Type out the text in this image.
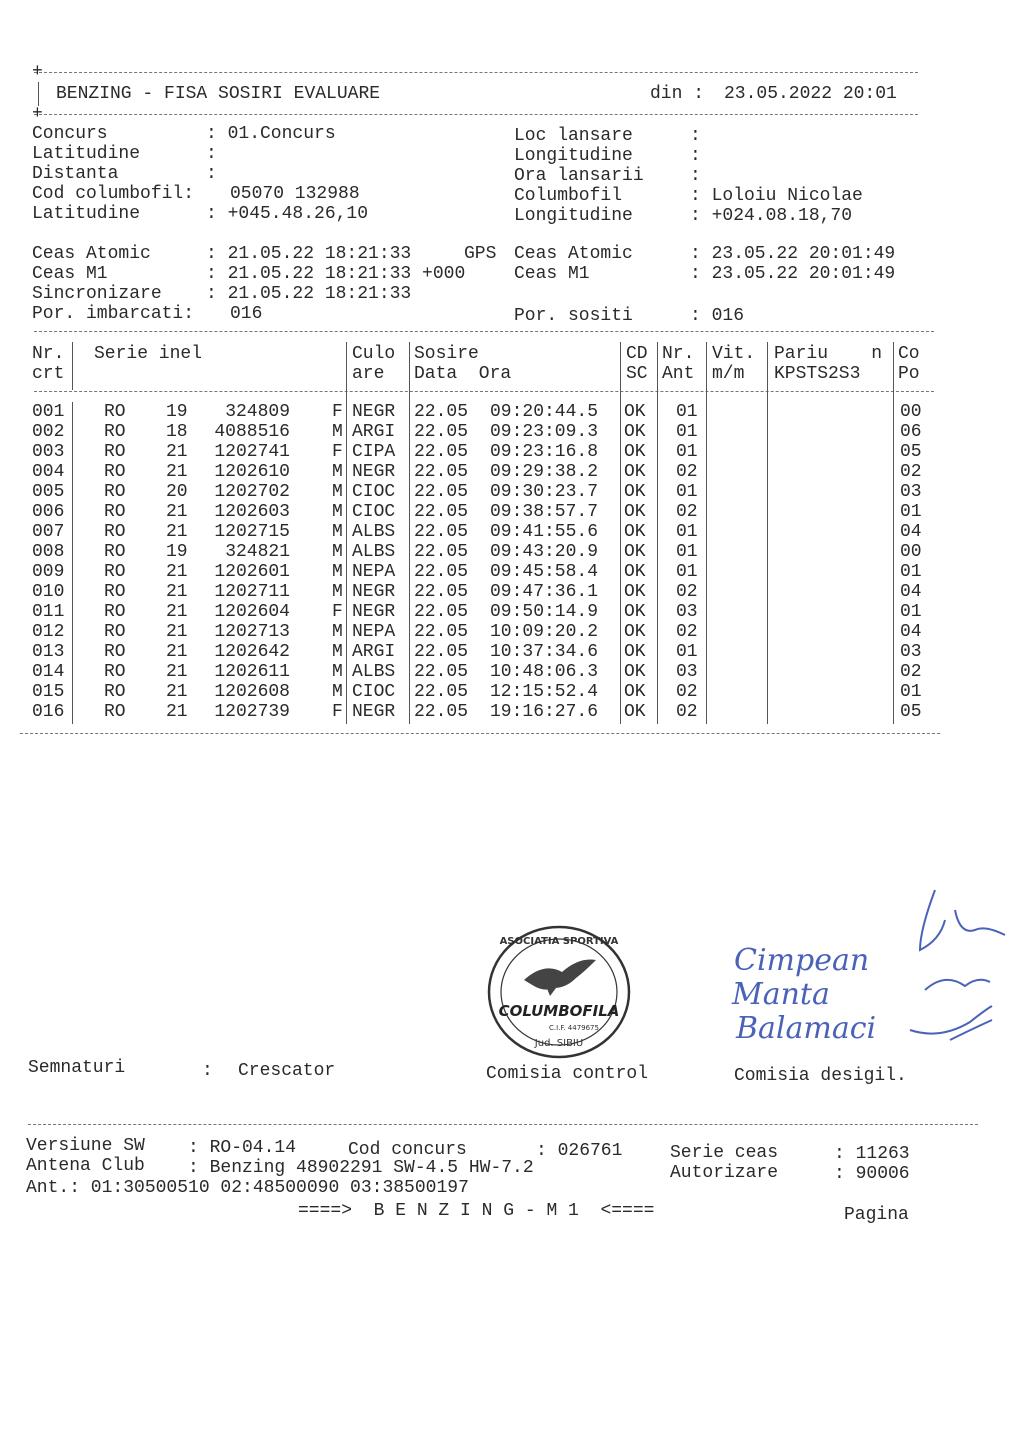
+
BENZING - FISA SOSIRI EVALUARE	din : 23.05.2022 20:01
+
Concurs	: 01.Concurs
Latitudine	:
Distanta	:
Cod columbofil: 05070 132988
Latitudine	: +045.48.26,10
Loc lansare	:
Longitudine	:
Ora lansarii	:
Columbofil	: Loloiu Nicolae
Longitudine	: +024.08.18,70
Ceas Atomic	: 21.05.22 18:21:33	GPS Ceas Atomic	: 23.05.22 20:01:49
Ceas M1	: 21.05.22 18:21:33 +000	Ceas M1	: 23.05.22 20:01:49
Sincronizare : 21.05.22 18:21:33
Por. imbarcati: 016	Por. sositi	: 016
Nr. Serie inel	Culo Sosire	CD Nr. Vit. Pariu    n Co
crt	are Data  Ora	SC Ant m/m KPSTS2S3 Po
001 RO 19	324809 F NEGR 22.05 09:20:44.5 OK 01	00
002 RO 18	4088516 M ARGI 22.05 09:23:09.3 OK 01	06
003 RO 21	1202741 F CIPA 22.05 09:23:16.8 OK 01	05
004 RO 21	1202610 M NEGR 22.05 09:29:38.2 OK 02	02
005 RO 20	1202702 M CIOC 22.05 09:30:23.7 OK 01	03
006 RO 21	1202603 M CIOC 22.05 09:38:57.7 OK 02	01
007 RO 21	1202715 M ALBS 22.05 09:41:55.6 OK 01	04
008 RO 19	324821 M ALBS 22.05 09:43:20.9 OK 01	00
009 RO 21	1202601 M NEPA 22.05 09:45:58.4 OK 01	01
010 RO 21	1202711 M NEGR 22.05 09:47:36.1 OK 02	04
011 RO 21	1202604 F NEGR 22.05 09:50:14.9 OK 03	01
012 RO 21	1202713 M NEPA 22.05 10:09:20.2 OK 02	04
013 RO 21	1202642 M ARGI 22.05 10:37:34.6 OK 01	03
014 RO 21	1202611 M ALBS 22.05 10:48:06.3 OK 03	02
015 RO 21	1202608 M CIOC 22.05 12:15:52.4 OK 02	01
016 RO 21	1202739 F NEGR 22.05 19:16:27.6 OK 02	05
Semnaturi	: Crescator	Comisia control	Comisia desigil.
ASOCIATIA SPORTIVA
COLUMBOFILA
C.I.F. 4479675
Jud. SIBIU
Cimpean
Manta
Balamaci
Versiune SW : RO-04.14	Cod concurs	: 026761	Serie ceas	: 11263
Antena Club : Benzing 48902291 SW-4.5 HW-7.2	Autorizare	: 90006
Ant.: 01:30500510 02:48500090 03:38500197
====>  B E N Z I N G - M 1  <====	Pagina
